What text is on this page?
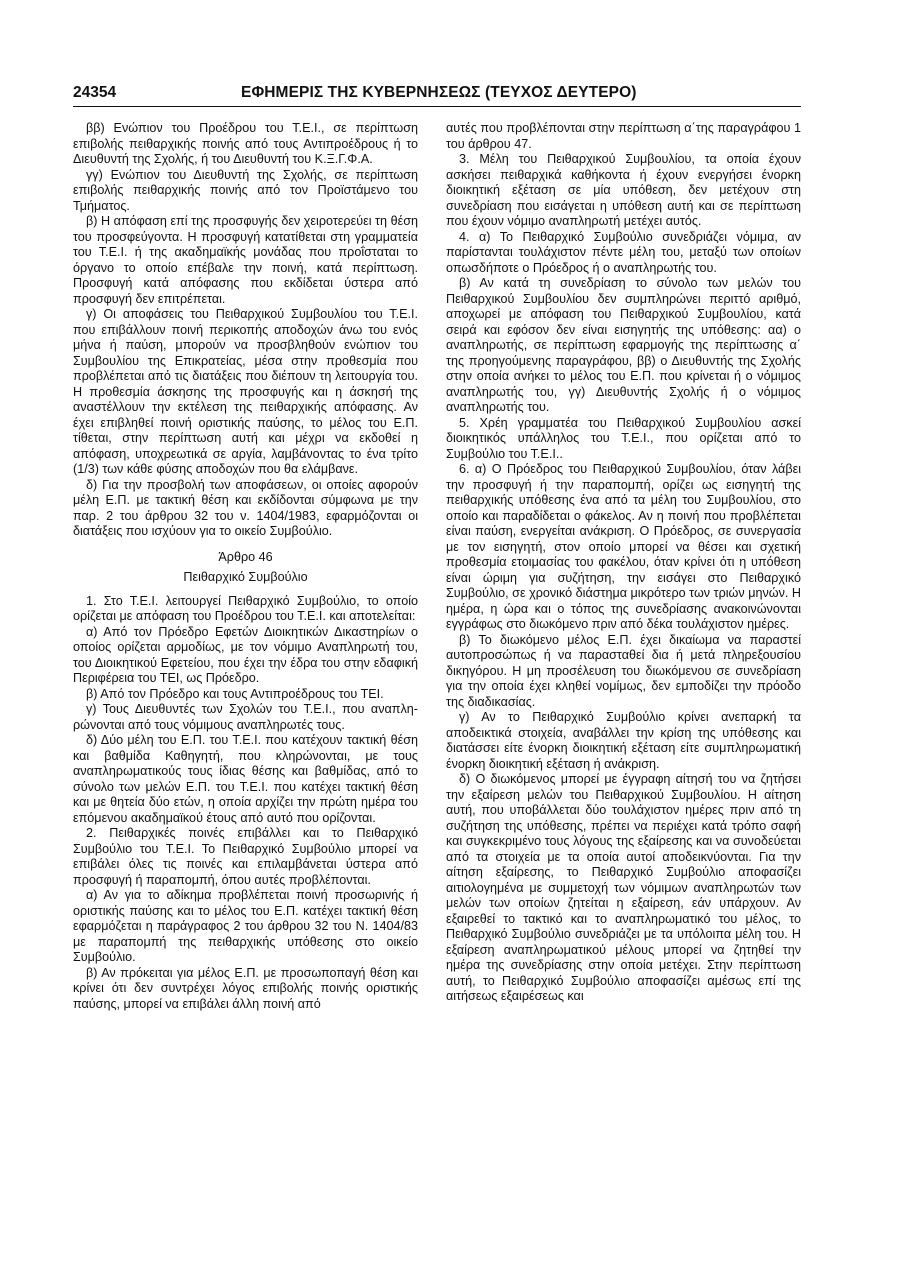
24354	ΕΦΗΜΕΡΙΣ ΤΗΣ ΚΥΒΕΡΝΗΣΕΩΣ (ΤΕΥΧΟΣ ΔΕΥΤΕΡΟ)

ββ) Ενώπιον του Προέδρου του Τ.Ε.Ι., σε περίπτωση επιβολής πειθαρχικής ποινής από τους Αντιπροέδρους ή το Διευθυντή της Σχολής, ή του Διευθυντή του Κ.Ξ.Γ.Φ.Α.

γγ) Ενώπιον του Διευθυντή της Σχολής, σε περίπτωση επιβολής πειθαρχικής ποινής από τον Προϊστάμενο του Τμήματος.

β) Η απόφαση επί της προσφυγής δεν χειροτερεύει τη θέση του προσφεύγοντα. Η προσφυγή κατατίθεται στη γραμματεία του Τ.Ε.Ι. ή της ακαδημαϊκής μονάδας που προΐσταται το όργανο το οποίο επέβαλε την ποινή, κατά περίπτωση. Προσφυγή κατά απόφασης που εκδίδεται ύστερα από προσφυγή δεν επιτρέπεται.

γ) Οι αποφάσεις του Πειθαρχικού Συμβουλίου του Τ.Ε.Ι. που επιβάλλουν ποινή περικοπής αποδοχών άνω του ενός μήνα ή παύση, μπορούν να προσβληθούν ενώπιον του Συμβουλίου της Επικρατείας, μέσα στην προθεσμία που προβλέπεται από τις διατάξεις που διέπουν τη λειτουργία του. Η προθεσμία άσκησης της προσφυγής και η άσκησή της αναστέλλουν την εκτέλεση της πειθαρχικής απόφασης. Αν έχει επιβληθεί ποινή οριστικής παύσης, το μέλος του Ε.Π. τίθεται, στην περίπτωση αυτή και μέχρι να εκδοθεί η απόφαση, υποχρεωτικά σε αργία, λαμβάνοντας το ένα τρίτο (1/3) των κάθε φύσης αποδοχών που θα ελάμβανε.

δ) Για την προσβολή των αποφάσεων, οι οποίες αφορούν μέλη Ε.Π. με τακτική θέση και εκδίδονται σύμφωνα με την παρ. 2 του άρθρου 32 του ν. 1404/1983, εφαρμόζονται οι διατάξεις που ισχύουν για το οικείο Συμβούλιο.

Άρθρο 46

Πειθαρχικό Συμβούλιο

1. Στο Τ.Ε.Ι. λειτουργεί Πειθαρχικό Συμβούλιο, το οποίο ορίζεται με απόφαση του Προέδρου του Τ.Ε.Ι. και αποτελείται:

α) Από τον Πρόεδρο Εφετών Διοικητικών Δικαστηρίων ο οποίος ορίζεται αρμοδίως, με τον νόμιμο Αναπληρωτή του, του Διοικητικού Εφετείου, που έχει την έδρα του στην εδαφική Περιφέρεια του ΤΕΙ, ως Πρόεδρο.

β) Από τον Πρόεδρο και τους Αντιπροέδρους του ΤΕΙ.

γ) Τους Διευθυντές των Σχολών του Τ.Ε.Ι., που αναπληρώνονται από τους νόμιμους αναπληρωτές τους.

δ) Δύο μέλη του Ε.Π. του Τ.Ε.Ι. που κατέχουν τακτική θέση και βαθμίδα Καθηγητή, που κληρώνονται, με τους αναπληρωματικούς τους ίδιας θέσης και βαθμίδας, από το σύνολο των μελών Ε.Π. του Τ.Ε.Ι. που κατέχει τακτική θέση και με θητεία δύο ετών, η οποία αρχίζει την πρώτη ημέρα του επόμενου ακαδημαϊκού έτους από αυτό που ορίζονται.

2. Πειθαρχικές ποινές επιβάλλει και το Πειθαρχικό Συμβούλιο του Τ.Ε.Ι. Το Πειθαρχικό Συμβούλιο μπορεί να επιβάλει όλες τις ποινές και επιλαμβάνεται ύστερα από προσφυγή ή παραπομπή, όπου αυτές προβλέπονται.

α) Αν για το αδίκημα προβλέπεται ποινή προσωρινής ή οριστικής παύσης και το μέλος του Ε.Π. κατέχει τακτική θέση εφαρμόζεται η παράγραφος 2 του άρθρου 32 του Ν. 1404/83 με παραπομπή της πειθαρχικής υπόθεσης στο οικείο Συμβούλιο.

β) Αν πρόκειται για μέλος Ε.Π. με προσωποπαγή θέση και κρίνει ότι δεν συντρέχει λόγος επιβολής ποινής οριστικής παύσης, μπορεί να επιβάλει άλλη ποινή από

αυτές που προβλέπονται στην περίπτωση α΄της παραγράφου 1 του άρθρου 47.

3. Μέλη του Πειθαρχικού Συμβουλίου, τα οποία έχουν ασκήσει πειθαρχικά καθήκοντα ή έχουν ενεργήσει ένορκη διοικητική εξέταση σε μία υπόθεση, δεν μετέχουν στη συνεδρίαση που εισάγεται η υπόθεση αυτή και σε περίπτωση που έχουν νόμιμο αναπληρωτή μετέχει αυτός.

4. α) Το Πειθαρχικό Συμβούλιο συνεδριάζει νόμιμα, αν παρίστανται τουλάχιστον πέντε μέλη του, μεταξύ των οποίων οπωσδήποτε ο Πρόεδρος ή ο αναπληρωτής του.

β) Αν κατά τη συνεδρίαση το σύνολο των μελών του Πειθαρχικού Συμβουλίου δεν συμπληρώνει περιττό αριθμό, αποχωρεί με απόφαση του Πειθαρχικού Συμβουλίου, κατά σειρά και εφόσον δεν είναι εισηγητής της υπόθεσης: αα) ο αναπληρωτής, σε περίπτωση εφαρμογής της περίπτωσης α΄ της προηγούμενης παραγράφου, ββ) ο Διευθυντής της Σχολής στην οποία ανήκει το μέλος του Ε.Π. που κρίνεται ή ο νόμιμος αναπληρωτής του, γγ) Διευθυντής Σχολής ή ο νόμιμος αναπληρωτής του.

5. Χρέη γραμματέα του Πειθαρχικού Συμβουλίου ασκεί διοικητικός υπάλληλος του Τ.Ε.Ι., που ορίζεται από το Συμβούλιο του Τ.Ε.Ι..

6. α) Ο Πρόεδρος του Πειθαρχικού Συμβουλίου, όταν λάβει την προσφυγή ή την παραπομπή, ορίζει ως εισηγητή της πειθαρχικής υπόθεσης ένα από τα μέλη του Συμβουλίου, στο οποίο και παραδίδεται ο φάκελος. Αν η ποινή που προβλέπεται είναι παύση, ενεργείται ανάκριση. Ο Πρόεδρος, σε συνεργασία με τον εισηγητή, στον οποίο μπορεί να θέσει και σχετική προθεσμία ετοιμασίας του φακέλου, όταν κρίνει ότι η υπόθεση είναι ώριμη για συζήτηση, την εισάγει στο Πειθαρχικό Συμβούλιο, σε χρονικό διάστημα μικρότερο των τριών μηνών. Η ημέρα, η ώρα και ο τόπος της συνεδρίασης ανακοινώνονται εγγράφως στο διωκόμενο πριν από δέκα τουλάχιστον ημέρες.

β) Το διωκόμενο μέλος Ε.Π. έχει δικαίωμα να παραστεί αυτοπροσώπως ή να παρασταθεί δια ή μετά πληρεξουσίου δικηγόρου. Η μη προσέλευση του διωκόμενου σε συνεδρίαση για την οποία έχει κληθεί νομίμως, δεν εμποδίζει την πρόοδο της διαδικασίας.

γ) Αν το Πειθαρχικό Συμβούλιο κρίνει ανεπαρκή τα αποδεικτικά στοιχεία, αναβάλλει την κρίση της υπόθεσης και διατάσσει είτε ένορκη διοικητική εξέταση είτε συμπληρωματική ένορκη διοικητική εξέταση ή ανάκριση.

δ) Ο διωκόμενος μπορεί με έγγραφη αίτησή του να ζητήσει την εξαίρεση μελών του Πειθαρχικού Συμβουλίου. Η αίτηση αυτή, που υποβάλλεται δύο τουλάχιστον ημέρες πριν από τη συζήτηση της υπόθεσης, πρέπει να περιέχει κατά τρόπο σαφή και συγκεκριμένο τους λόγους της εξαίρεσης και να συνοδεύεται από τα στοιχεία με τα οποία αυτοί αποδεικνύονται. Για την αίτηση εξαίρεσης, το Πειθαρχικό Συμβούλιο αποφασίζει αιτιολογημένα με συμμετοχή των νόμιμων αναπληρωτών των μελών των οποίων ζητείται η εξαίρεση, εάν υπάρχουν. Αν εξαιρεθεί το τακτικό και το αναπληρωματικό του μέλος, το Πειθαρχικό Συμβούλιο συνεδριάζει με τα υπόλοιπα μέλη του. Η εξαίρεση αναπληρωματικού μέλους μπορεί να ζητηθεί την ημέρα της συνεδρίασης στην οποία μετέχει. Στην περίπτωση αυτή, το Πειθαρχικό Συμβούλιο αποφασίζει αμέσως επί της αιτήσεως εξαιρέσεως και
